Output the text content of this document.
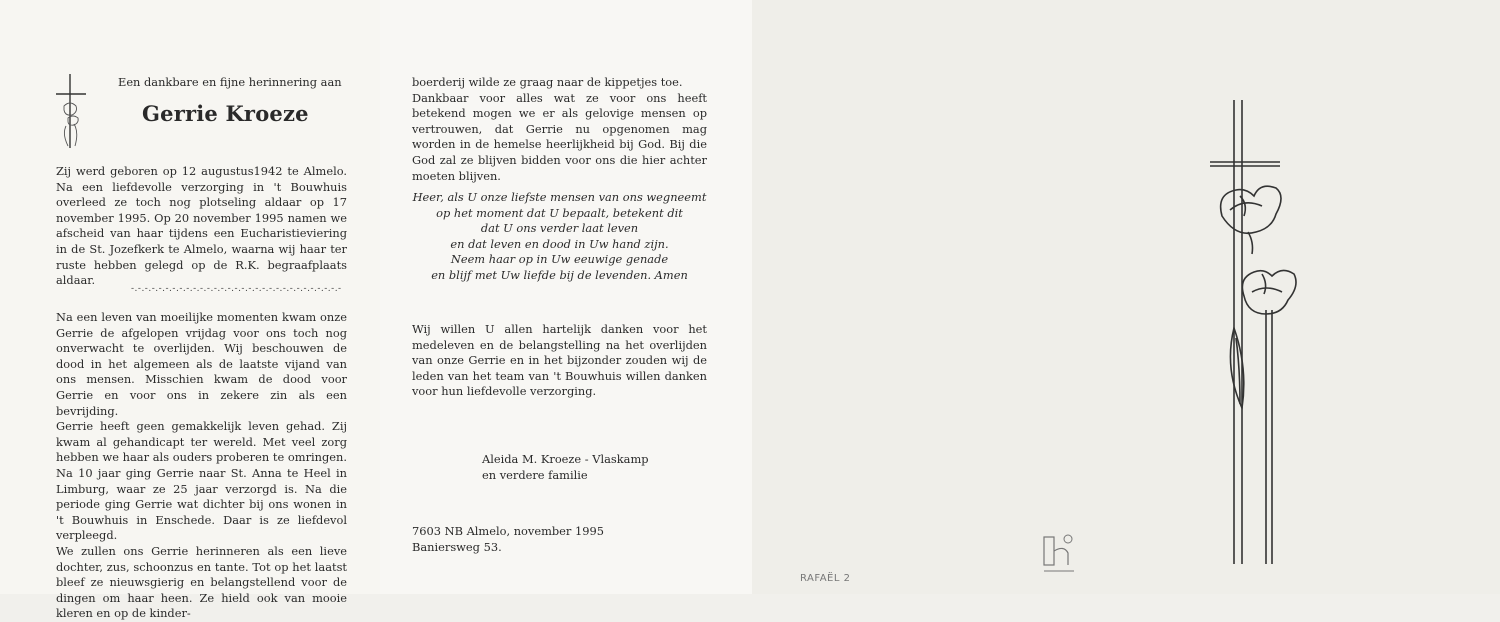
Een dankbare en fijne herinnering aan

Gerrie Kroeze

Zij werd geboren op 12 augustus1942 te Almelo. Na een liefdevolle verzorging in 't Bouwhuis overleed ze toch nog plotseling aldaar op 17 november 1995. Op 20 november 1995 namen we afscheid van haar tijdens een Eucharistieviering in de St. Jozefkerk te Almelo, waarna wij haar ter ruste hebben gelegd op de R.K. begraafplaats aldaar.

-.-.-.-.-.-.-.-.-.-.-.-.-.-.-.-.-.-.-.-.-.-.-.-.-.-.-.-.-.-.-

Na een leven van moeilijke momenten kwam onze Gerrie de afgelopen vrijdag voor ons toch nog onverwacht te overlijden. Wij beschouwen de dood in het algemeen als de laatste vijand van ons mensen. Misschien kwam de dood voor Gerrie en voor ons in zekere zin als een bevrijding.
Gerrie heeft geen gemakkelijk leven gehad. Zij kwam al gehandicapt ter wereld. Met veel zorg hebben we haar als ouders proberen te omringen. Na 10 jaar ging Gerrie naar St. Anna te Heel in Limburg, waar ze 25 jaar verzorgd is. Na die periode ging Gerrie wat dichter bij ons wonen in 't Bouwhuis in Enschede. Daar is ze liefdevol verpleegd.
We zullen ons Gerrie herinneren als een lieve dochter, zus, schoonzus en tante. Tot op het laatst bleef ze nieuwsgierig en belangstellend voor de dingen om haar heen. Ze hield ook van mooie kleren en op de kinder-

boerderij wilde ze graag naar de kippetjes toe.
Dankbaar voor alles wat ze voor ons heeft betekend mogen we er als gelovige mensen op vertrouwen, dat Gerrie nu opgenomen mag worden in de hemelse heerlijkheid bij God. Bij die God zal ze blijven bidden voor ons die hier achter moeten blijven.

Heer, als U onze liefste mensen van ons wegneemt
op het moment dat U bepaalt, betekent dit
dat U ons verder laat leven
en dat leven en dood in Uw hand zijn.
Neem haar op in Uw eeuwige genade
en blijf met Uw liefde bij de levenden. Amen

Wij willen U allen hartelijk danken voor het medeleven en de belangstelling na het overlijden van onze Gerrie en in het bijzonder zouden wij de leden van het team van 't Bouwhuis willen danken voor hun liefdevolle verzorging.

Aleida M. Kroeze - Vlaskamp
en verdere familie

7603 NB Almelo, november 1995
Baniersweg 53.

RAFAËL 2
